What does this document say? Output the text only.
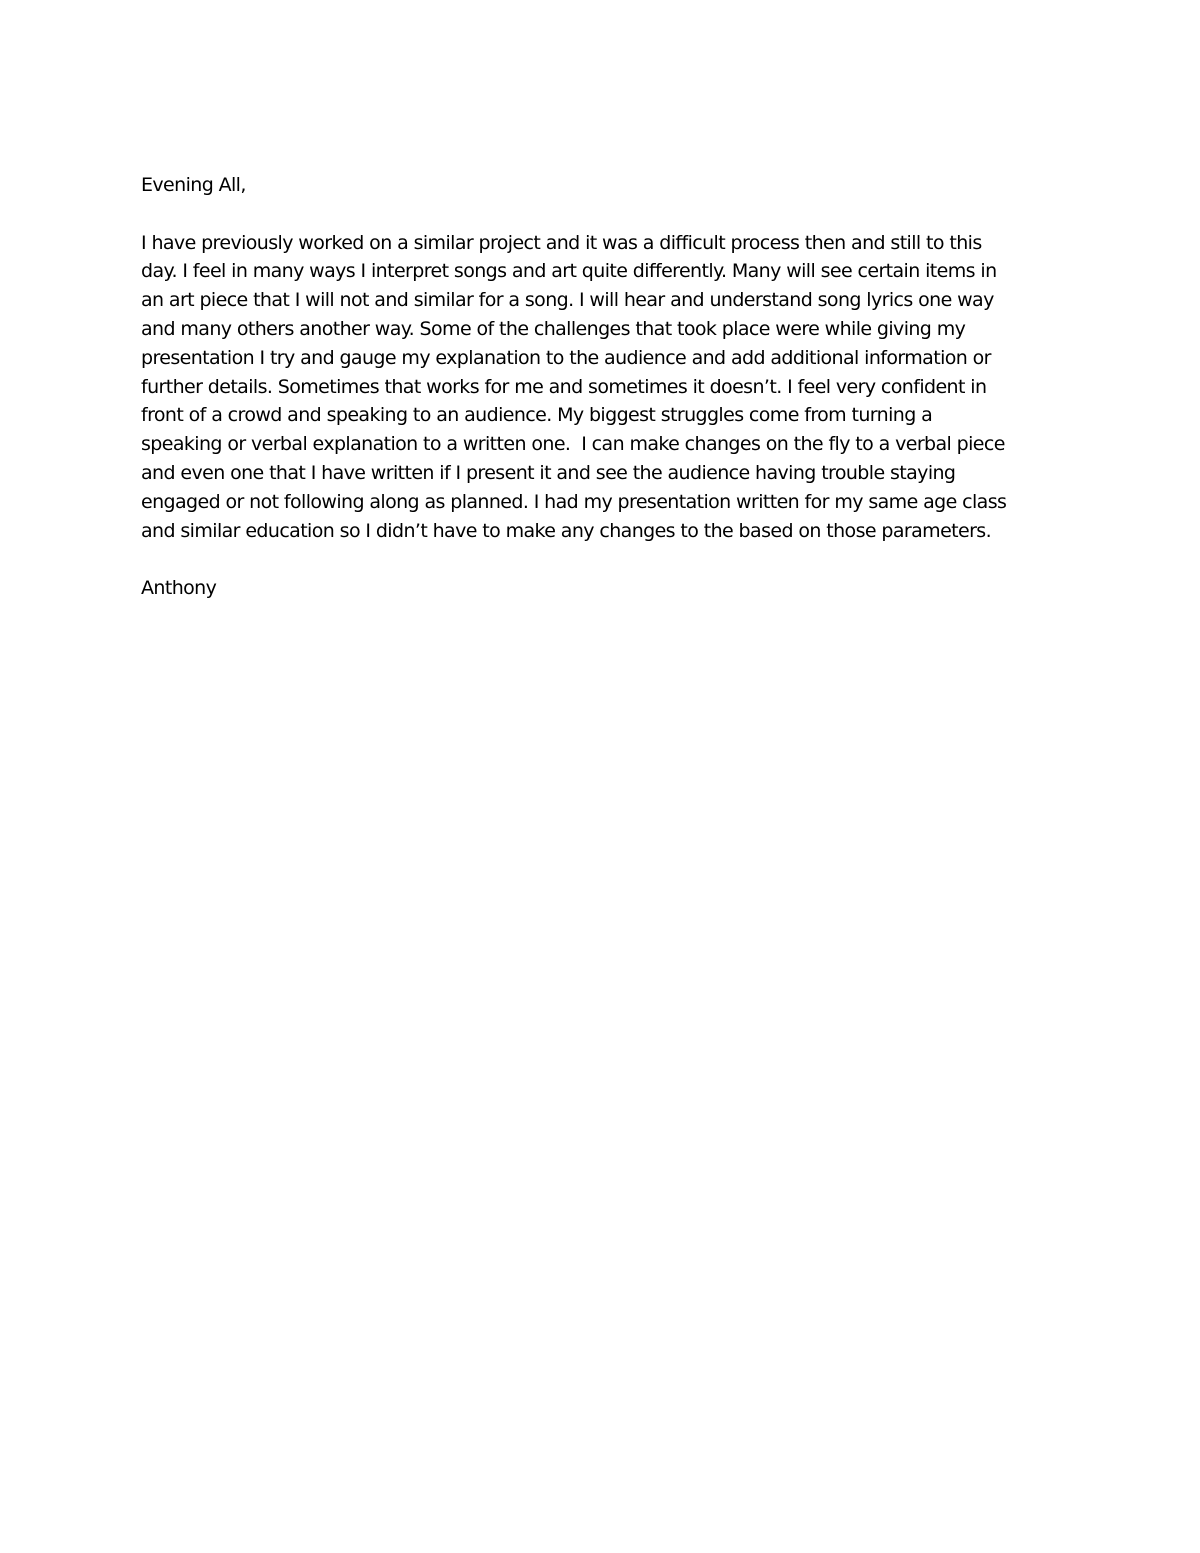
Evening All,

I have previously worked on a similar project and it was a difficult process then and still to this
day. I feel in many ways I interpret songs and art quite differently. Many will see certain items in
an art piece that I will not and similar for a song. I will hear and understand song lyrics one way
and many others another way. Some of the challenges that took place were while giving my
presentation I try and gauge my explanation to the audience and add additional information or
further details. Sometimes that works for me and sometimes it doesn’t. I feel very confident in
front of a crowd and speaking to an audience. My biggest struggles come from turning a
speaking or verbal explanation to a written one.  I can make changes on the fly to a verbal piece
and even one that I have written if I present it and see the audience having trouble staying
engaged or not following along as planned. I had my presentation written for my same age class
and similar education so I didn’t have to make any changes to the based on those parameters.

Anthony
